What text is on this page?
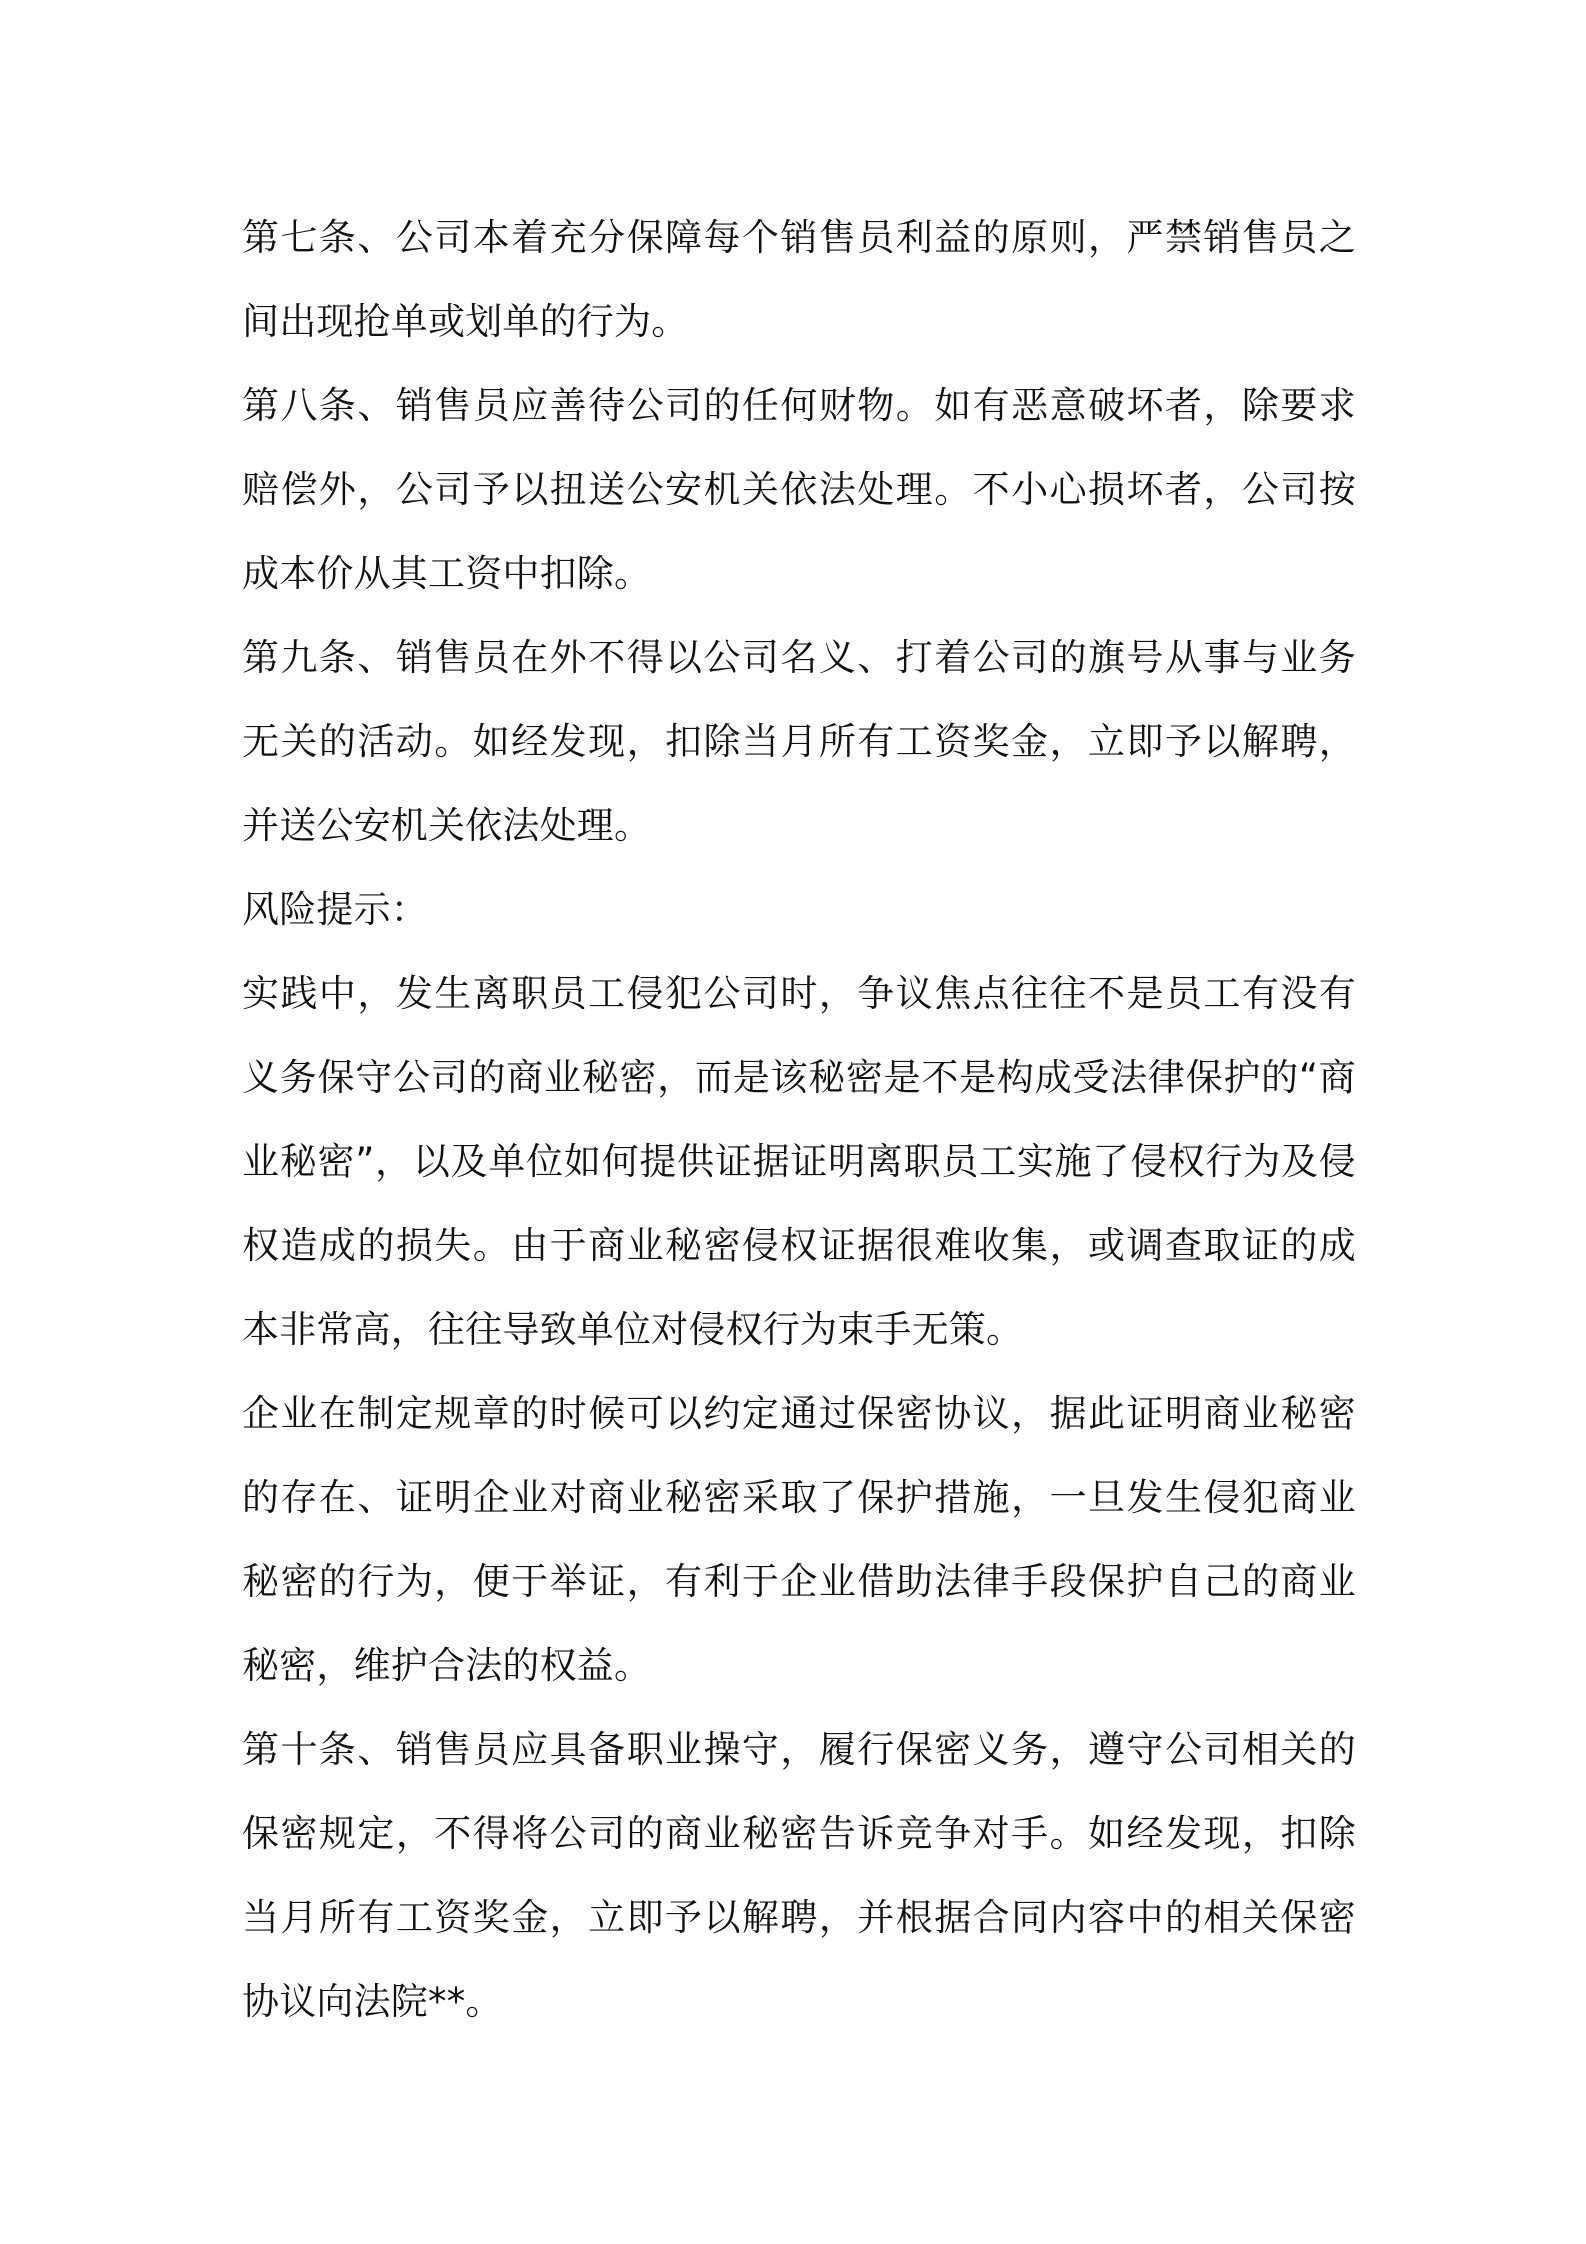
第七条、公司本着充分保障每个销售员利益的原则，严禁销售员之间出现抢单或划单的行为。

第八条、销售员应善待公司的任何财物。如有恶意破坏者，除要求赔偿外，公司予以扭送公安机关依法处理。不小心损坏者，公司按成本价从其工资中扣除。

第九条、销售员在外不得以公司名义、打着公司的旗号从事与业务无关的活动。如经发现，扣除当月所有工资奖金，立即予以解聘，并送公安机关依法处理。

风险提示：

实践中，发生离职员工侵犯公司时，争议焦点往往不是员工有没有义务保守公司的商业秘密，而是该秘密是不是构成受法律保护的“商业秘密”，以及单位如何提供证据证明离职员工实施了侵权行为及侵权造成的损失。由于商业秘密侵权证据很难收集，或调查取证的成本非常高，往往导致单位对侵权行为束手无策。

企业在制定规章的时候可以约定通过保密协议，据此证明商业秘密的存在、证明企业对商业秘密采取了保护措施，一旦发生侵犯商业秘密的行为，便于举证，有利于企业借助法律手段保护自己的商业秘密，维护合法的权益。

第十条、销售员应具备职业操守，履行保密义务，遵守公司相关的保密规定，不得将公司的商业秘密告诉竞争对手。如经发现，扣除当月所有工资奖金，立即予以解聘，并根据合同内容中的相关保密协议向法院**。
